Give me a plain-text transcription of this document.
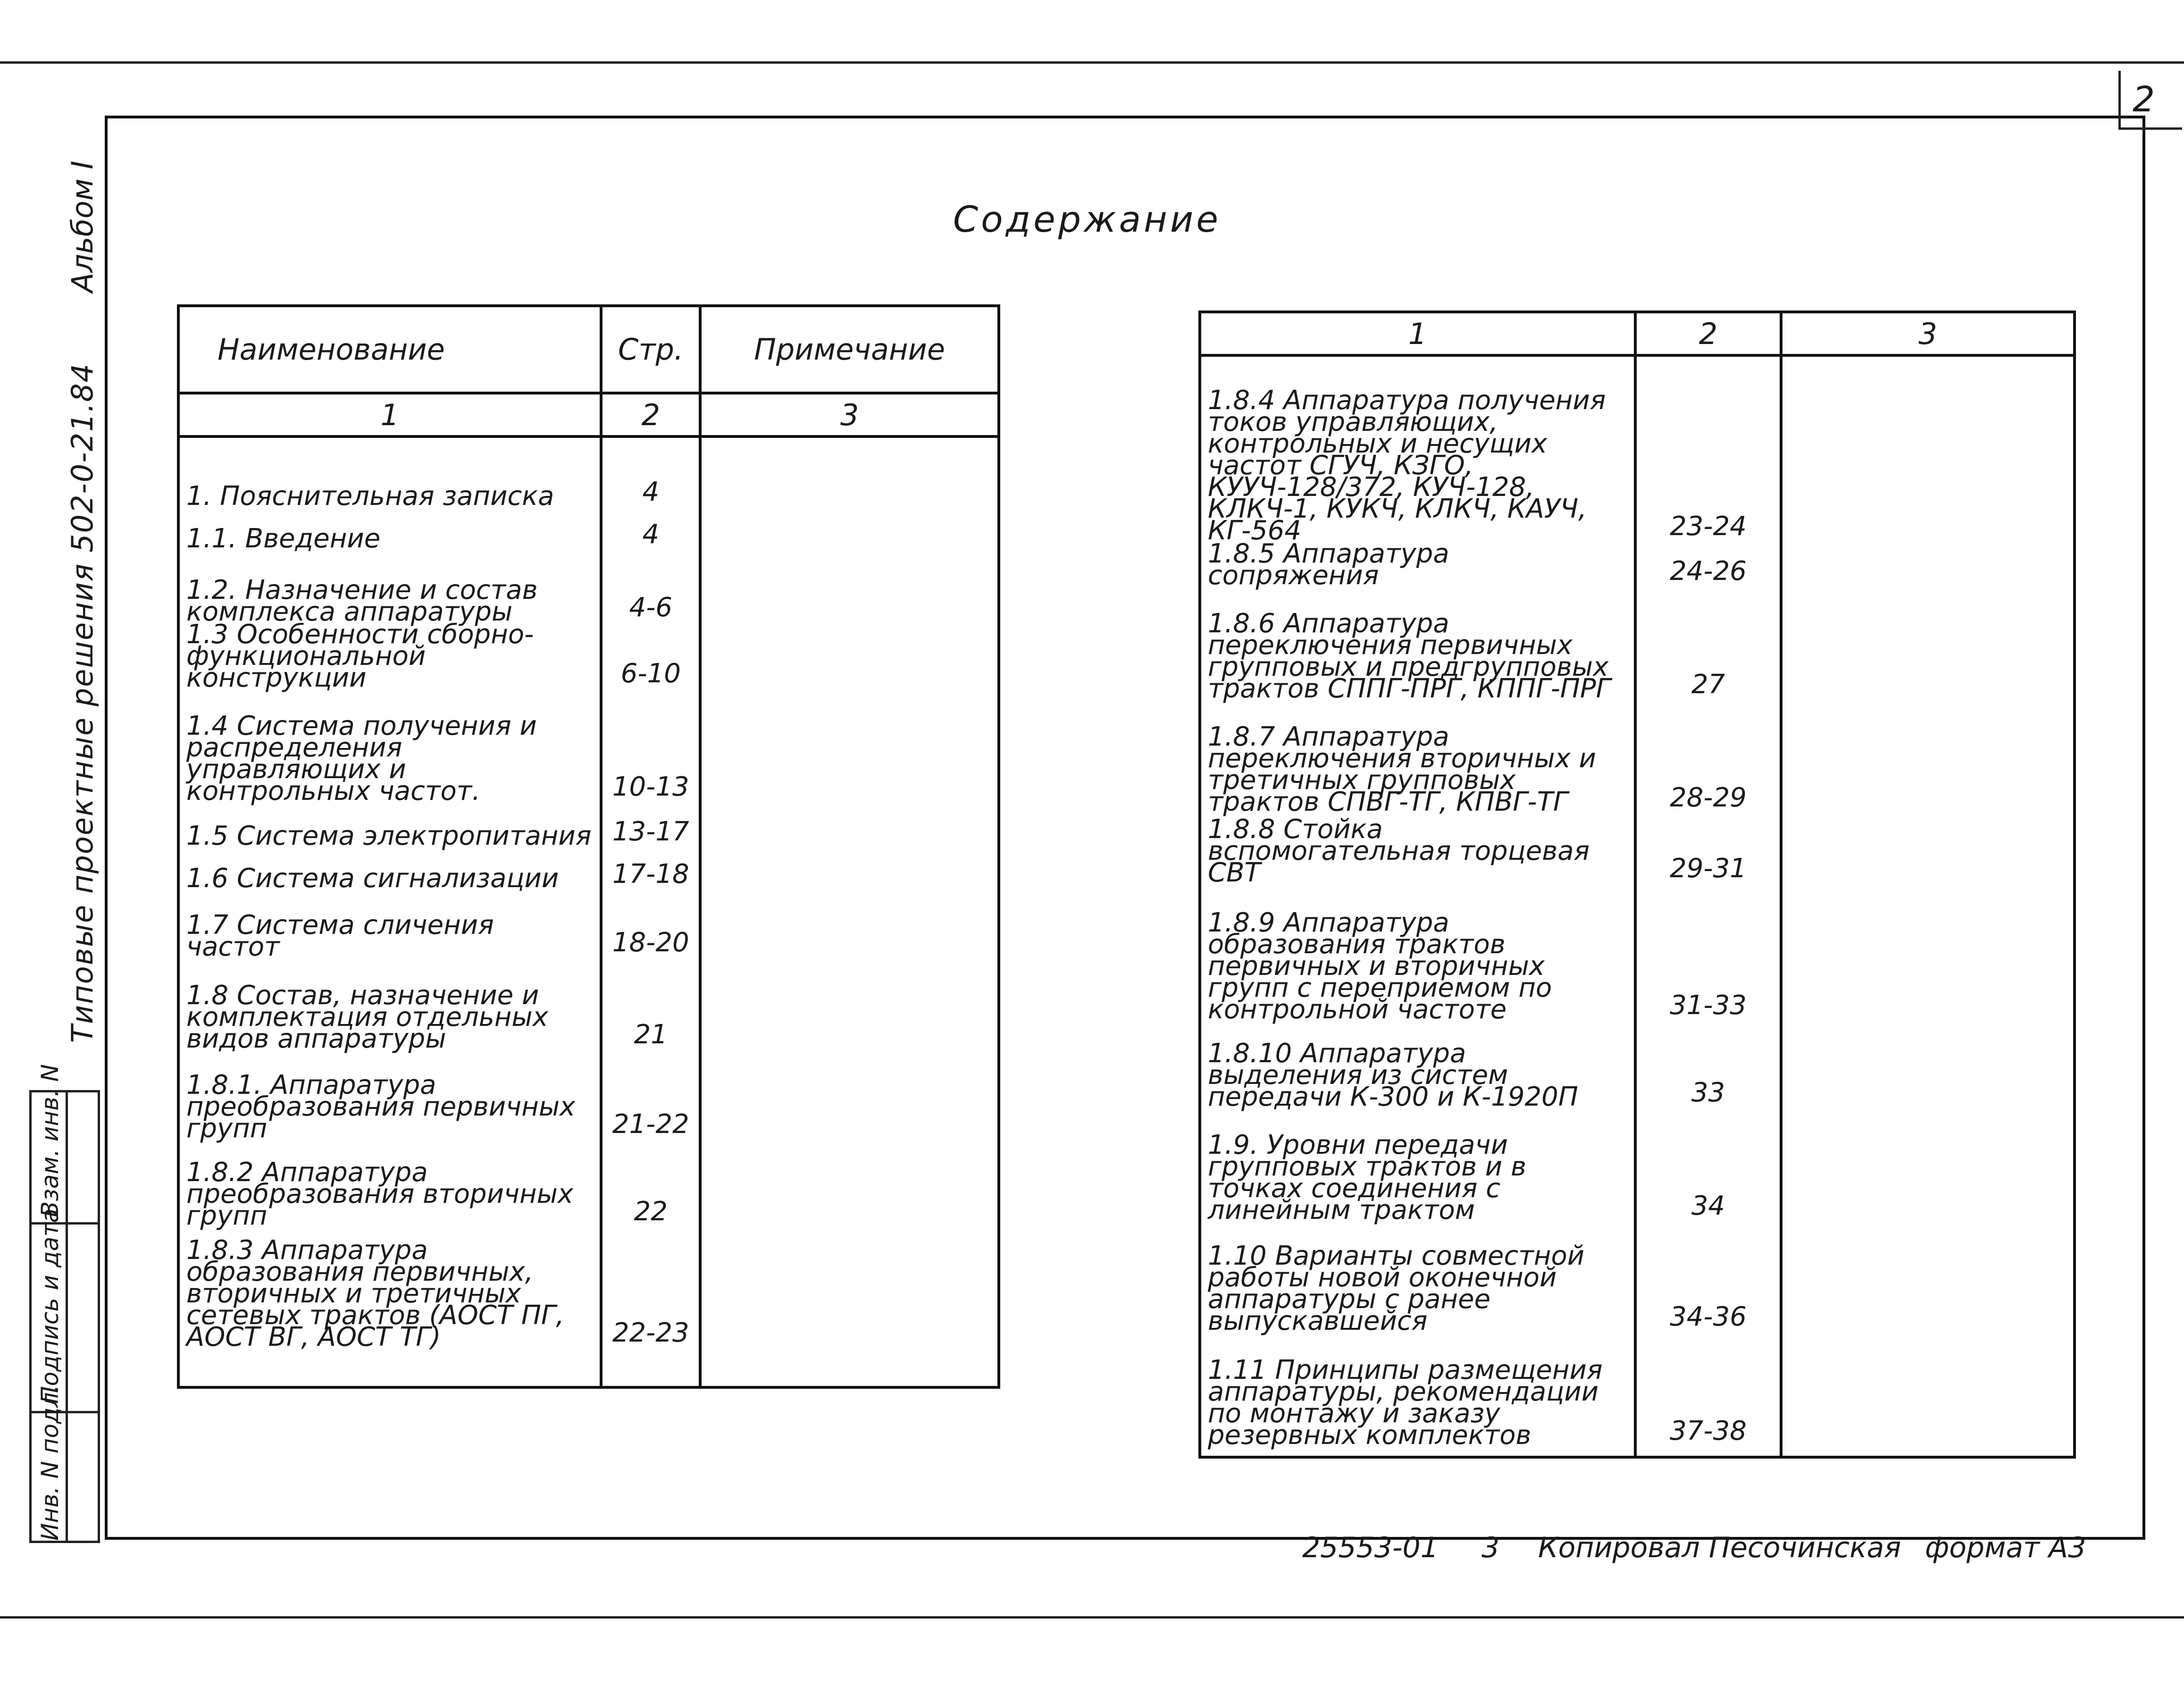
2
Альбом I
Типовые проектные решения 502-0-21.84
Взам. инв. N
Подпись и дата
Инв. N подл.
Содержание
Наименование	Стр.	Примечание
1	2	3
1. Пояснительная записка	4	
1.1. Введение	4	
1.2. Назначение и состав комплекса аппаратуры	4-6	
1.3 Особенности сборно-функциональной конструкции	6-10	
1.4 Система получения и распределения управляющих и контрольных частот.	10-13	
1.5 Система электропитания	13-17	
1.6 Система сигнализации	17-18	
1.7 Система сличения частот	18-20	
1.8 Состав, назначение и комплектация отдельных видов аппаратуры	21	
1.8.1. Аппаратура преобразования первичных групп	21-22	
1.8.2 Аппаратура преобразования вторичных групп	22	
1.8.3 Аппаратура образования первичных, вторичных и третичных сетевых трактов (АОСТ ПГ, АОСТ ВГ, АОСТ ТГ)	22-23	
1	2	3
1.8.4 Аппаратура получения токов управляющих, контрольных и несущих частот СГУЧ, КЗГО, КУУЧ-128/372, КУЧ-128, КЛКЧ-1, КУКЧ, КЛКЧ, КАУЧ, КГ-564	23-24	
1.8.5 Аппаратура сопряжения	24-26	
1.8.6 Аппаратура переключения первичных групповых и предгрупповых трактов СППГ-ПРГ, КППГ-ПРГ	27	
1.8.7 Аппаратура переключения вторичных и третичных групповых трактов СПВГ-ТГ, КПВГ-ТГ	28-29	
1.8.8 Стойка вспомогательная торцевая СВТ	29-31	
1.8.9 Аппаратура образования трактов первичных и вторичных групп с переприемом по контрольной частоте	31-33	
1.8.10 Аппаратура выделения из систем передачи К-300 и К-1920П	33	
1.9. Уровни передачи групповых трактов и в точках соединения с линейным трактом	34	
1.10 Варианты совместной работы новой оконечной аппаратуры с ранее выпускавшейся	34-36	
1.11 Принципы размещения аппаратуры, рекомендации по монтажу и заказу резервных комплектов	37-38	
25553-01 3 Копировал Песочинская формат А3
